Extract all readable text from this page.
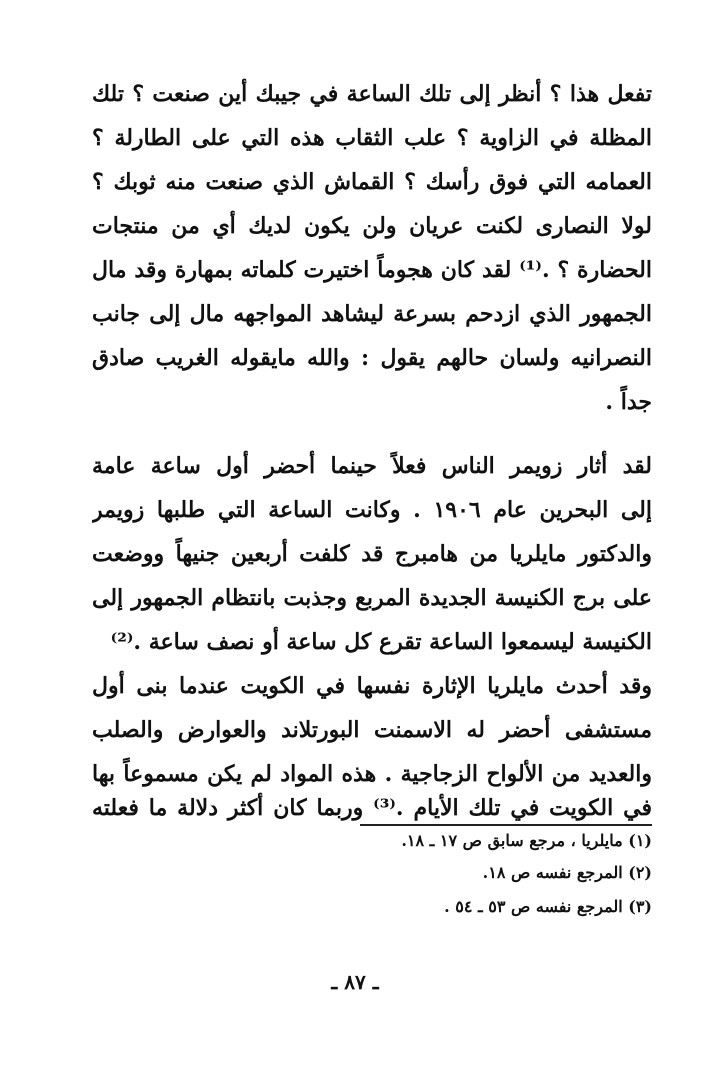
تفعل هذا ؟ أنظر إلى تلك الساعة في جيبك أين صنعت ؟ تلك
المظلة في الزاوية ؟ علب الثقاب هذه التي على الطارلة ؟
العمامه التي فوق رأسك ؟ القماش الذي صنعت منه ثوبك ؟
لولا النصارى لكنت عريان ولن يكون لديك أي من منتجات
الحضارة ؟ .⁽¹⁾ لقد كان هجوماً اختيرت كلماته بمهارة وقد مال
الجمهور الذي ازدحم بسرعة ليشاهد المواجهه مال إلى جانب
النصرانيه ولسان حالهم يقول : والله مايقوله الغريب صادق
جداً .
لقد أثار زويمر الناس فعلاً حينما أحضر أول ساعة عامة
إلى البحرين عام ١٩٠٦ . وكانت الساعة التي طلبها زويمر
والدكتور مايلريا من هامبرج قد كلفت أربعين جنيهاً ووضعت
على برج الكنيسة الجديدة المربع وجذبت بانتظام الجمهور إلى
الكنيسة ليسمعوا الساعة تقرع كل ساعة أو نصف ساعة .⁽²⁾
وقد أحدث مايلريا الإثارة نفسها في الكويت عندما بنى أول
مستشفى أحضر له الاسمنت البورتلاند والعوارض والصلب
والعديد من الألواح الزجاجية . هذه المواد لم يكن مسموعاً بها
في الكويت في تلك الأيام .⁽³⁾ وربما كان أكثر دلالة ما فعلته
(١) مايلريا ، مرجع سابق ص ١٧ ـ ١٨.
(٢) المرجع نفسه ص ١٨.
(٣) المرجع نفسه ص ٥٣ ـ ٥٤ .
ـ ٨٧ ـ
